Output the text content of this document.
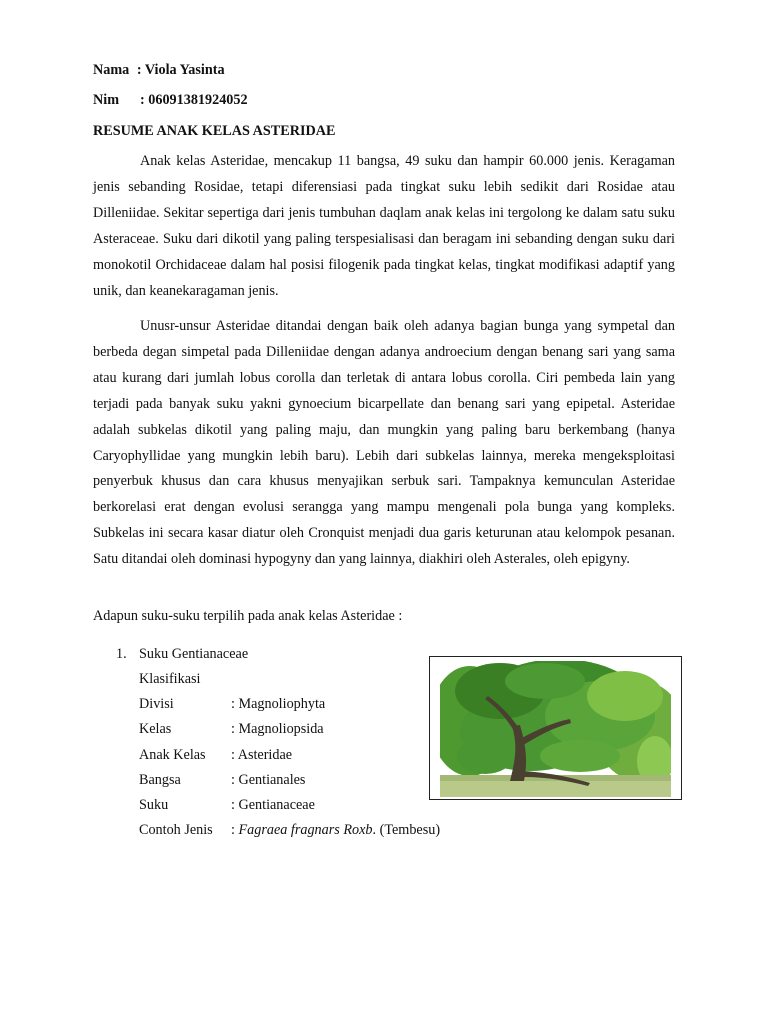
Nama : Viola Yasinta
Nim : 06091381924052
RESUME ANAK KELAS ASTERIDAE

Anak kelas Asteridae, mencakup 11 bangsa, 49 suku dan hampir 60.000 jenis. Keragaman jenis sebanding Rosidae, tetapi diferensiasi pada tingkat suku lebih sedikit dari Rosidae atau Dilleniidae. Sekitar sepertiga dari jenis tumbuhan daqlam anak kelas ini tergolong ke dalam satu suku Asteraceae. Suku dari dikotil yang paling terspesialisasi dan beragam ini sebanding dengan suku dari monokotil Orchidaceae dalam hal posisi filogenik pada tingkat kelas, tingkat modifikasi adaptif yang unik, dan keanekaragaman jenis.

Unusr-unsur Asteridae ditandai dengan baik oleh adanya bagian bunga yang sympetal dan berbeda degan simpetal pada Dilleniidae dengan adanya androecium dengan benang sari yang sama atau kurang dari jumlah lobus corolla dan terletak di antara lobus corolla. Ciri pembeda lain yang terjadi pada banyak suku yakni gynoecium bicarpellate dan benang sari yang epipetal. Asteridae adalah subkelas dikotil yang paling maju, dan mungkin yang paling baru berkembang (hanya Caryophyllidae yang mungkin lebih baru). Lebih dari subkelas lainnya, mereka mengeksploitasi penyerbuk khusus dan cara khusus menyajikan serbuk sari. Tampaknya kemunculan Asteridae berkorelasi erat dengan evolusi serangga yang mampu mengenali pola bunga yang kompleks. Subkelas ini secara kasar diatur oleh Cronquist menjadi dua garis keturunan atau kelompok pesanan. Satu ditandai oleh dominasi hypogyny dan yang lainnya, diakhiri oleh Asterales, oleh epigyny.

Adapun suku-suku terpilih pada anak kelas Asteridae :
1. Suku Gentianaceae
Klasifikasi
Divisi	: Magnoliophyta
Kelas	: Magnoliopsida
Anak Kelas : Asteridae
Bangsa	: Gentianales
Suku	: Gentianaceae
Contoh Jenis : Fagraea fragnars Roxb. (Tembesu)
